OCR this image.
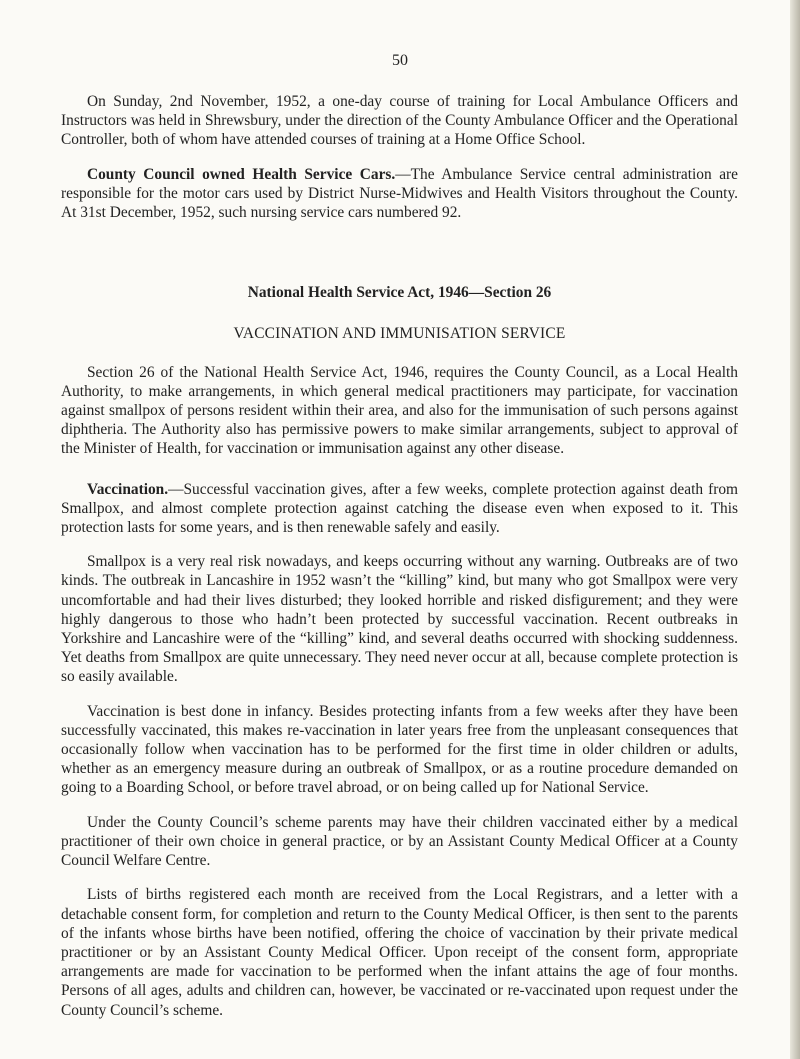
50

On Sunday, 2nd November, 1952, a one-day course of training for Local Ambulance Officers and Instructors was held in Shrewsbury, under the direction of the County Ambulance Officer and the Operational Controller, both of whom have attended courses of training at a Home Office School.

County Council owned Health Service Cars.—The Ambulance Service central administration are responsible for the motor cars used by District Nurse-Midwives and Health Visitors throughout the County. At 31st December, 1952, such nursing service cars numbered 92.

National Health Service Act, 1946—Section 26
VACCINATION AND IMMUNISATION SERVICE

Section 26 of the National Health Service Act, 1946, requires the County Council, as a Local Health Authority, to make arrangements, in which general medical practitioners may participate, for vaccination against smallpox of persons resident within their area, and also for the immunisation of such persons against diphtheria. The Authority also has permissive powers to make similar arrangements, subject to approval of the Minister of Health, for vaccination or immunisation against any other disease.

Vaccination.—Successful vaccination gives, after a few weeks, complete protection against death from Smallpox, and almost complete protection against catching the disease even when exposed to it. This protection lasts for some years, and is then renewable safely and easily.

Smallpox is a very real risk nowadays, and keeps occurring without any warning. Outbreaks are of two kinds. The outbreak in Lancashire in 1952 wasn’t the “killing” kind, but many who got Smallpox were very uncomfortable and had their lives disturbed; they looked horrible and risked disfigurement; and they were highly dangerous to those who hadn’t been protected by successful vaccination. Recent outbreaks in Yorkshire and Lancashire were of the “killing” kind, and several deaths occurred with shocking suddenness. Yet deaths from Smallpox are quite unnecessary. They need never occur at all, because complete protection is so easily available.

Vaccination is best done in infancy. Besides protecting infants from a few weeks after they have been successfully vaccinated, this makes re-vaccination in later years free from the unpleasant consequences that occasionally follow when vaccination has to be performed for the first time in older children or adults, whether as an emergency measure during an outbreak of Smallpox, or as a routine procedure demanded on going to a Boarding School, or before travel abroad, or on being called up for National Service.

Under the County Council’s scheme parents may have their children vaccinated either by a medical practitioner of their own choice in general practice, or by an Assistant County Medical Officer at a County Council Welfare Centre.

Lists of births registered each month are received from the Local Registrars, and a letter with a detachable consent form, for completion and return to the County Medical Officer, is then sent to the parents of the infants whose births have been notified, offering the choice of vaccination by their private medical practitioner or by an Assistant County Medical Officer. Upon receipt of the consent form, appropriate arrangements are made for vaccination to be performed when the infant attains the age of four months. Persons of all ages, adults and children can, however, be vaccinated or re-vaccinated upon request under the County Council’s scheme.
